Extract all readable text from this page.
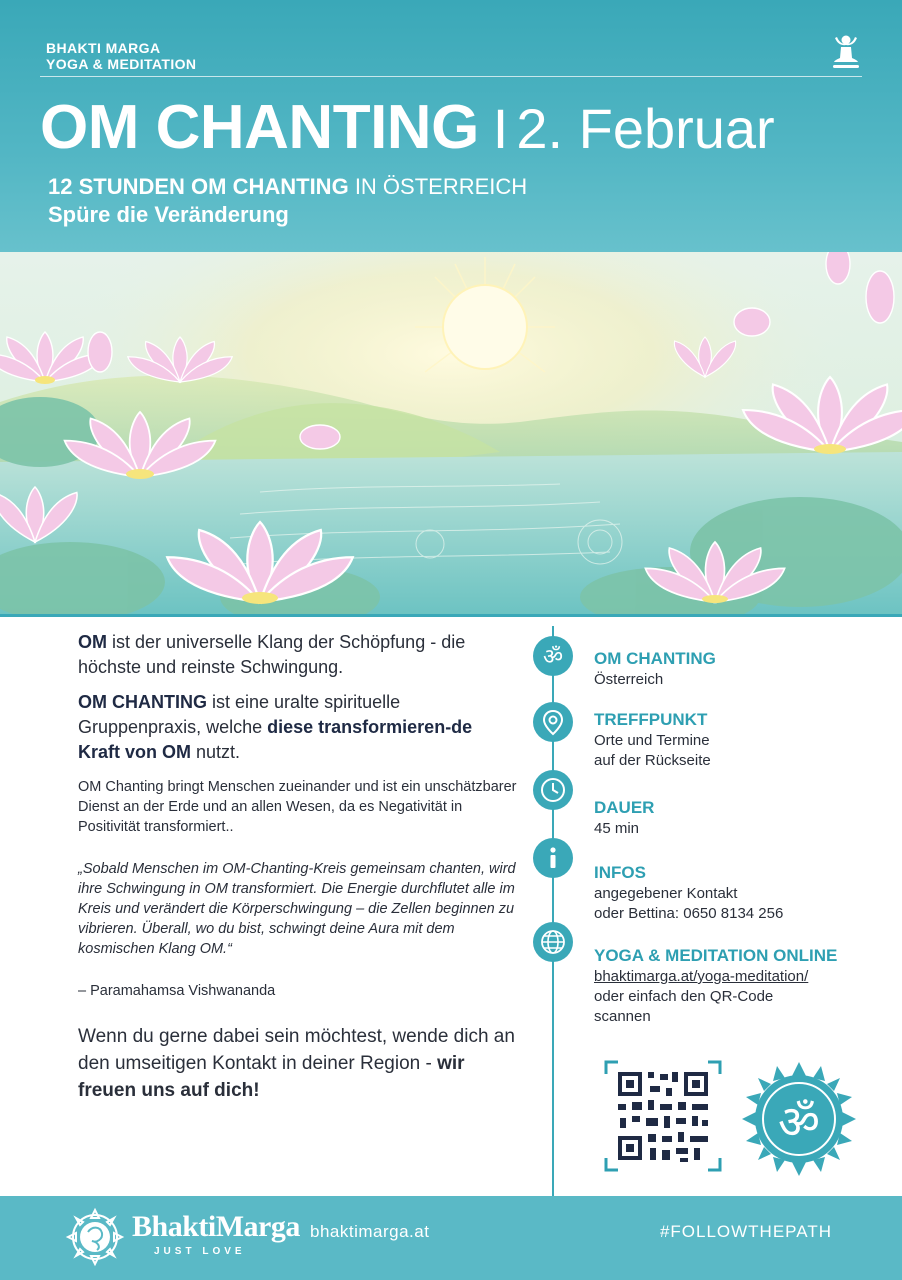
BHAKTI MARGA
YOGA & MEDITATION
OM CHANTING I 2. Februar
12 STUNDEN OM CHANTING IN ÖSTERREICH
Spüre die Veränderung

OM ist der universelle Klang der Schöpfung - die höchste und reinste Schwingung.

OM CHANTING ist eine uralte spirituelle Gruppenpraxis, welche diese transformieren-de Kraft von OM nutzt.

OM Chanting bringt Menschen zueinander und ist ein unschätzbarer Dienst an der Erde und an allen Wesen, da es Negativität in Positivität transformiert..

„Sobald Menschen im OM-Chanting-Kreis gemeinsam chanten, wird ihre Schwingung in OM transformiert. Die Energie durchflutet alle im Kreis und verändert die Körperschwingung – die Zellen beginnen zu vibrieren. Überall, wo du bist, schwingt deine Aura mit dem kosmischen Klang OM.“

– Paramahamsa Vishwananda

Wenn du gerne dabei sein möchtest, wende dich an den umseitigen Kontakt in deiner Region - wir freuen uns auf dich!

ॐ OM CHANTING
Österreich
TREFFPUNKT
Orte und Termine
auf der Rückseite
DAUER
45 min
INFOS
angegebener Kontakt
oder Bettina: 0650 8134 256
YOGA & MEDITATION ONLINE
bhaktimarga.at/yoga-meditation/
oder einfach den QR-Code
scannen
ॐ
BhaktiMarga
JUST LOVE
bhaktimarga.at	#FOLLOWTHEPATH
